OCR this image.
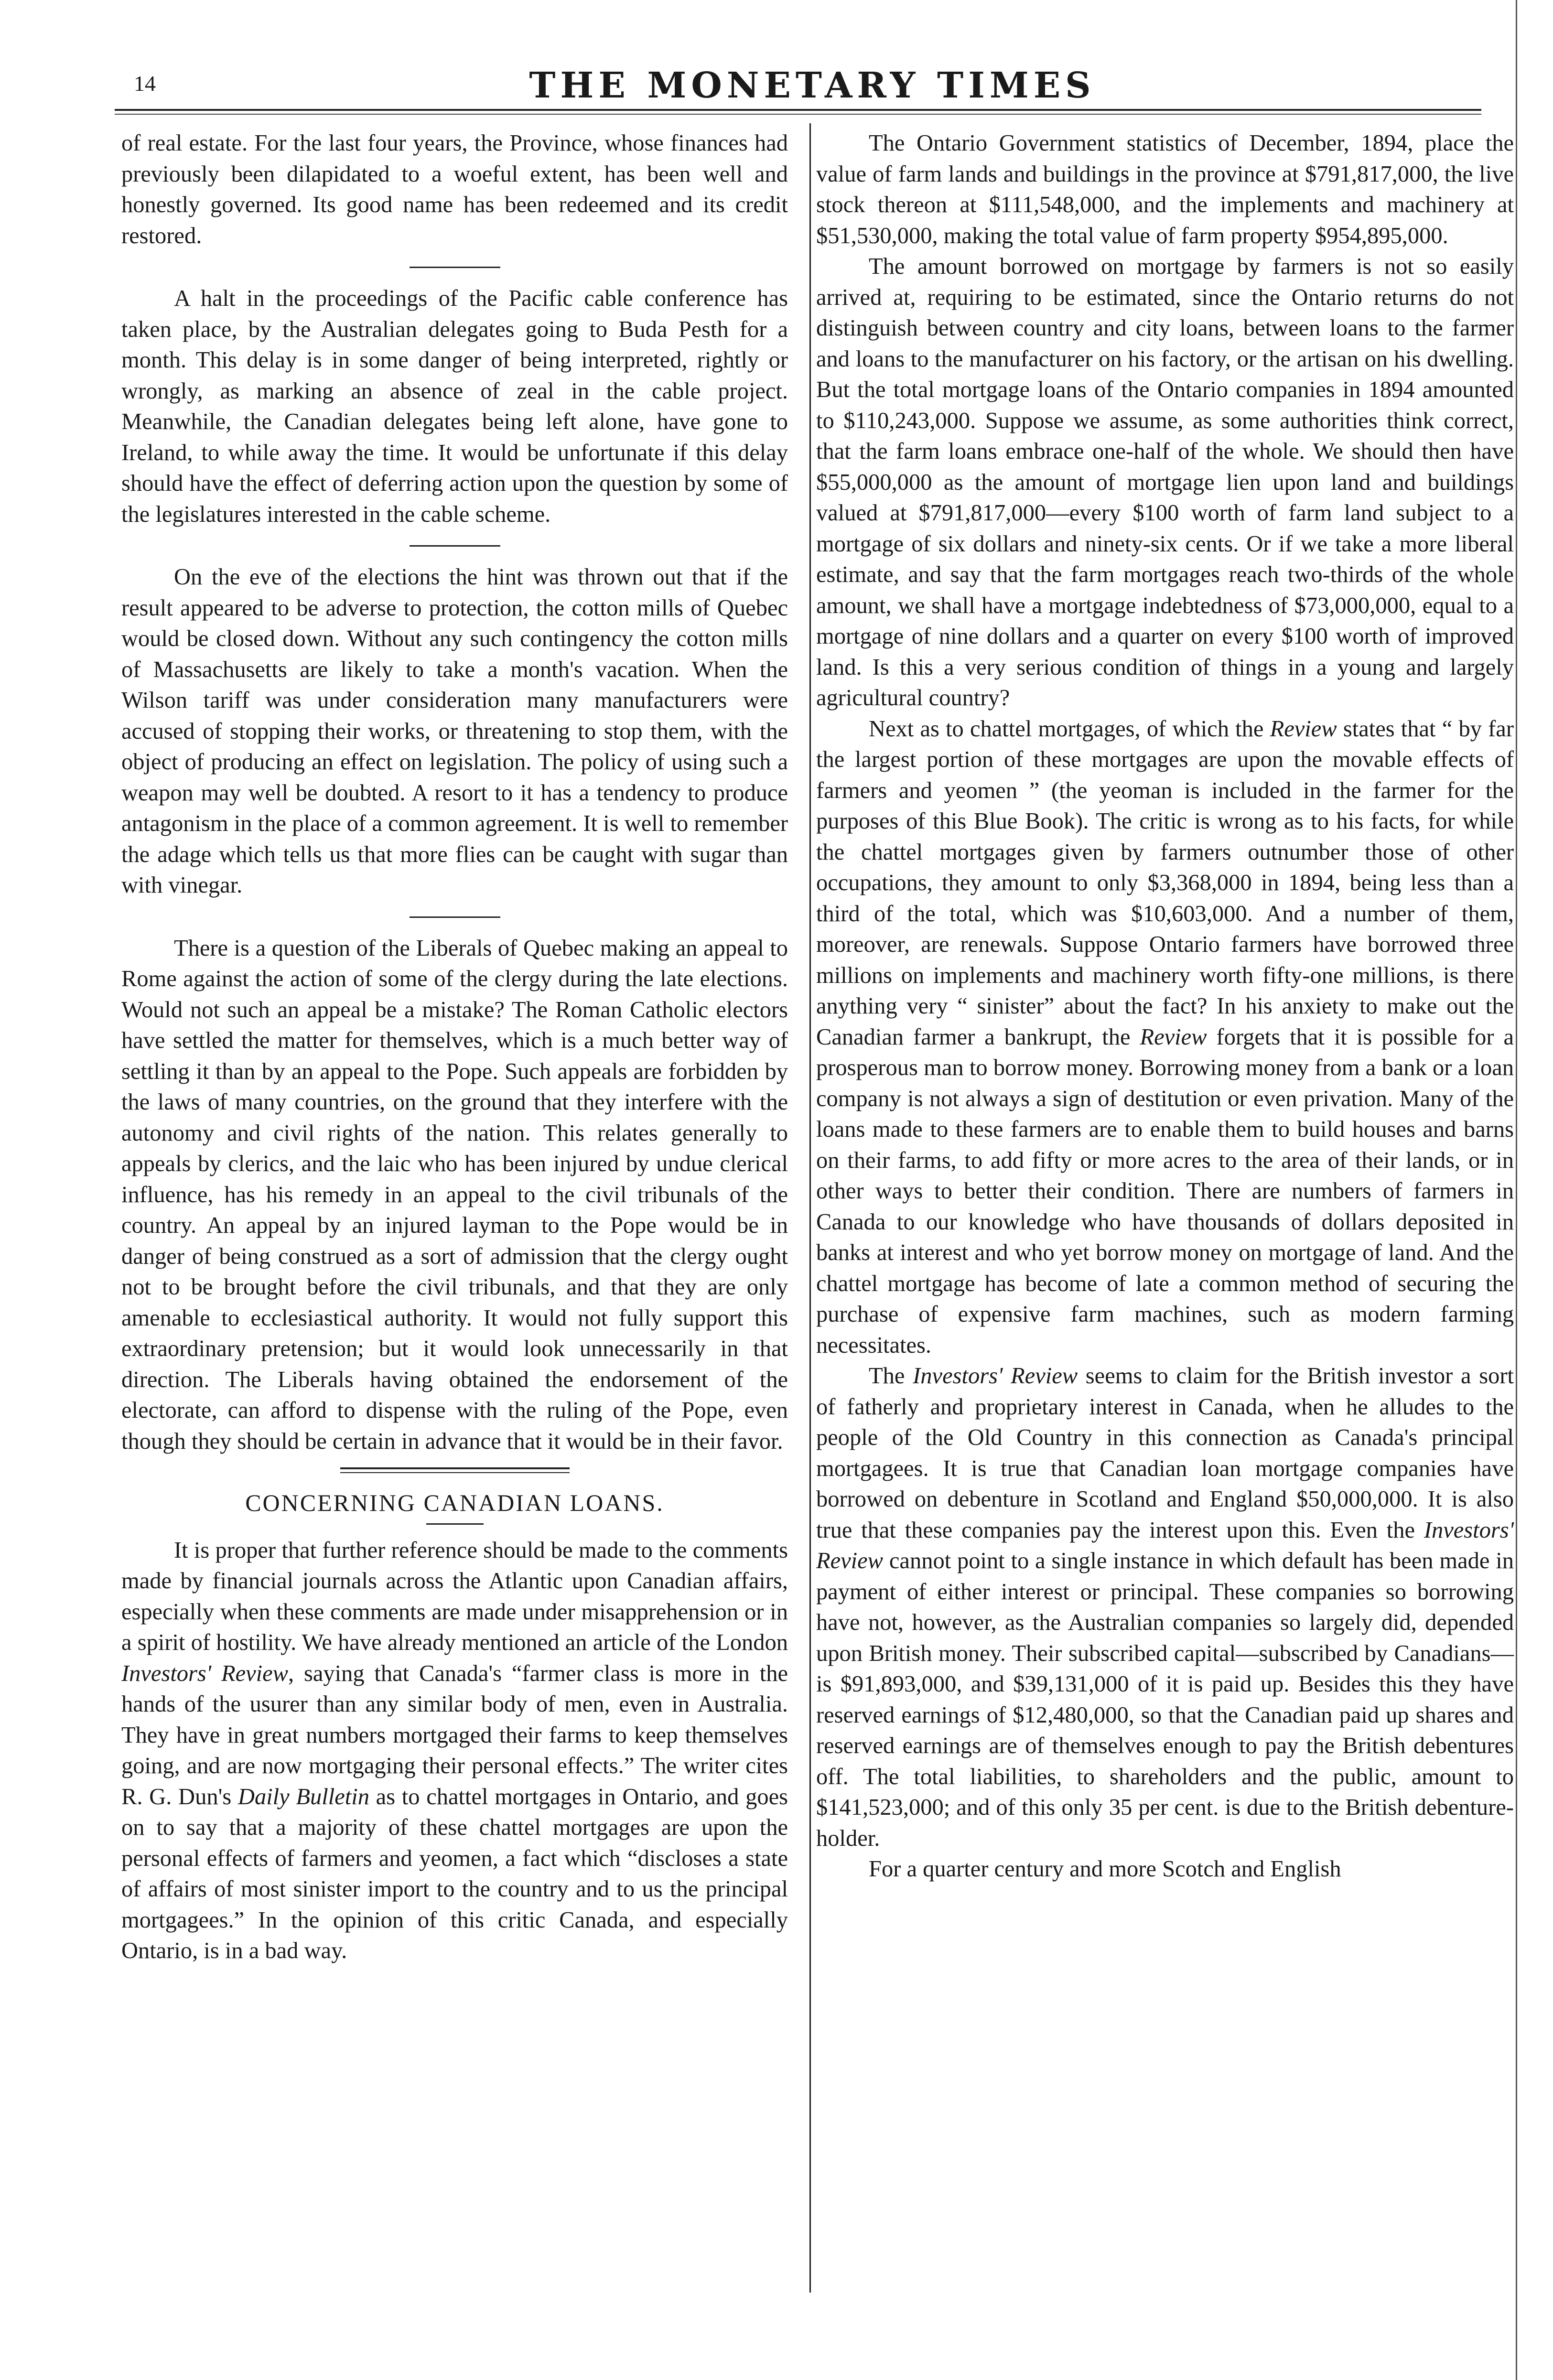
14	THE MONETARY TIMES

of real estate. For the last four years, the Province, whose finances had previously been dilapidated to a woeful extent, has been well and honestly governed. Its good name has been redeemed and its credit restored.

A halt in the proceedings of the Pacific cable conference has taken place, by the Australian delegates going to Buda Pesth for a month. This delay is in some danger of being interpreted, rightly or wrongly, as marking an absence of zeal in the cable project. Meanwhile, the Canadian delegates being left alone, have gone to Ireland, to while away the time. It would be unfortunate if this delay should have the effect of deferring action upon the question by some of the legislatures interested in the cable scheme.

On the eve of the elections the hint was thrown out that if the result appeared to be adverse to protection, the cotton mills of Quebec would be closed down. Without any such contingency the cotton mills of Massachusetts are likely to take a month's vacation. When the Wilson tariff was under consideration many manufacturers were accused of stopping their works, or threatening to stop them, with the object of producing an effect on legislation. The policy of using such a weapon may well be doubted. A resort to it has a tendency to produce antagonism in the place of a common agreement. It is well to remember the adage which tells us that more flies can be caught with sugar than with vinegar.

There is a question of the Liberals of Quebec making an appeal to Rome against the action of some of the clergy during the late elections. Would not such an appeal be a mistake? The Roman Catholic electors have settled the matter for themselves, which is a much better way of settling it than by an appeal to the Pope. Such appeals are forbidden by the laws of many countries, on the ground that they interfere with the autonomy and civil rights of the nation. This relates generally to appeals by clerics, and the laic who has been injured by undue clerical influence, has his remedy in an appeal to the civil tribunals of the country. An appeal by an injured layman to the Pope would be in danger of being construed as a sort of admission that the clergy ought not to be brought before the civil tribunals, and that they are only amenable to ecclesiastical authority. It would not fully support this extraordinary pretension; but it would look unnecessarily in that direction. The Liberals having obtained the endorsement of the electorate, can afford to dispense with the ruling of the Pope, even though they should be certain in advance that it would be in their favor.

CONCERNING CANADIAN LOANS.

It is proper that further reference should be made to the comments made by financial journals across the Atlantic upon Canadian affairs, especially when these comments are made under misapprehension or in a spirit of hostility. We have already mentioned an article of the London Investors' Review, saying that Canada's “farmer class is more in the hands of the usurer than any similar body of men, even in Australia. They have in great numbers mortgaged their farms to keep themselves going, and are now mortgaging their personal effects.” The writer cites R. G. Dun's Daily Bulletin as to chattel mortgages in Ontario, and goes on to say that a majority of these chattel mortgages are upon the personal effects of farmers and yeomen, a fact which “discloses a state of affairs of most sinister import to the country and to us the principal mortgagees.” In the opinion of this critic Canada, and especially Ontario, is in a bad way.

The Ontario Government statistics of December, 1894, place the value of farm lands and buildings in the province at $791,817,000, the live stock thereon at $111,548,000, and the implements and machinery at $51,530,000, making the total value of farm property $954,895,000.

The amount borrowed on mortgage by farmers is not so easily arrived at, requiring to be estimated, since the Ontario returns do not distinguish between country and city loans, between loans to the farmer and loans to the manufacturer on his factory, or the artisan on his dwelling. But the total mortgage loans of the Ontario companies in 1894 amounted to $110,243,000. Suppose we assume, as some authorities think correct, that the farm loans embrace one-half of the whole. We should then have $55,000,000 as the amount of mortgage lien upon land and buildings valued at $791,817,000—every $100 worth of farm land subject to a mortgage of six dollars and ninety-six cents. Or if we take a more liberal estimate, and say that the farm mortgages reach two-thirds of the whole amount, we shall have a mortgage indebtedness of $73,000,000, equal to a mortgage of nine dollars and a quarter on every $100 worth of improved land. Is this a very serious condition of things in a young and largely agricultural country?

Next as to chattel mortgages, of which the Review states that “ by far the largest portion of these mortgages are upon the movable effects of farmers and yeomen ” (the yeoman is included in the farmer for the purposes of this Blue Book). The critic is wrong as to his facts, for while the chattel mortgages given by farmers outnumber those of other occupations, they amount to only $3,368,000 in 1894, being less than a third of the total, which was $10,603,000. And a number of them, moreover, are renewals. Suppose Ontario farmers have borrowed three millions on implements and machinery worth fifty-one millions, is there anything very “ sinister” about the fact? In his anxiety to make out the Canadian farmer a bankrupt, the Review forgets that it is possible for a prosperous man to borrow money. Borrowing money from a bank or a loan company is not always a sign of destitution or even privation. Many of the loans made to these farmers are to enable them to build houses and barns on their farms, to add fifty or more acres to the area of their lands, or in other ways to better their condition. There are numbers of farmers in Canada to our knowledge who have thousands of dollars deposited in banks at interest and who yet borrow money on mortgage of land. And the chattel mortgage has become of late a common method of securing the purchase of expensive farm machines, such as modern farming necessitates.

The Investors' Review seems to claim for the British investor a sort of fatherly and proprietary interest in Canada, when he alludes to the people of the Old Country in this connection as Canada's principal mortgagees. It is true that Canadian loan mortgage companies have borrowed on debenture in Scotland and England $50,000,000. It is also true that these companies pay the interest upon this. Even the Investors' Review cannot point to a single instance in which default has been made in payment of either interest or principal. These companies so borrowing have not, however, as the Australian companies so largely did, depended upon British money. Their subscribed capital—subscribed by Canadians—is $91,893,000, and $39,131,000 of it is paid up. Besides this they have reserved earnings of $12,480,000, so that the Canadian paid up shares and reserved earnings are of themselves enough to pay the British debentures off. The total liabilities, to shareholders and the public, amount to $141,523,000; and of this only 35 per cent. is due to the British debenture-holder.

For a quarter century and more Scotch and English
